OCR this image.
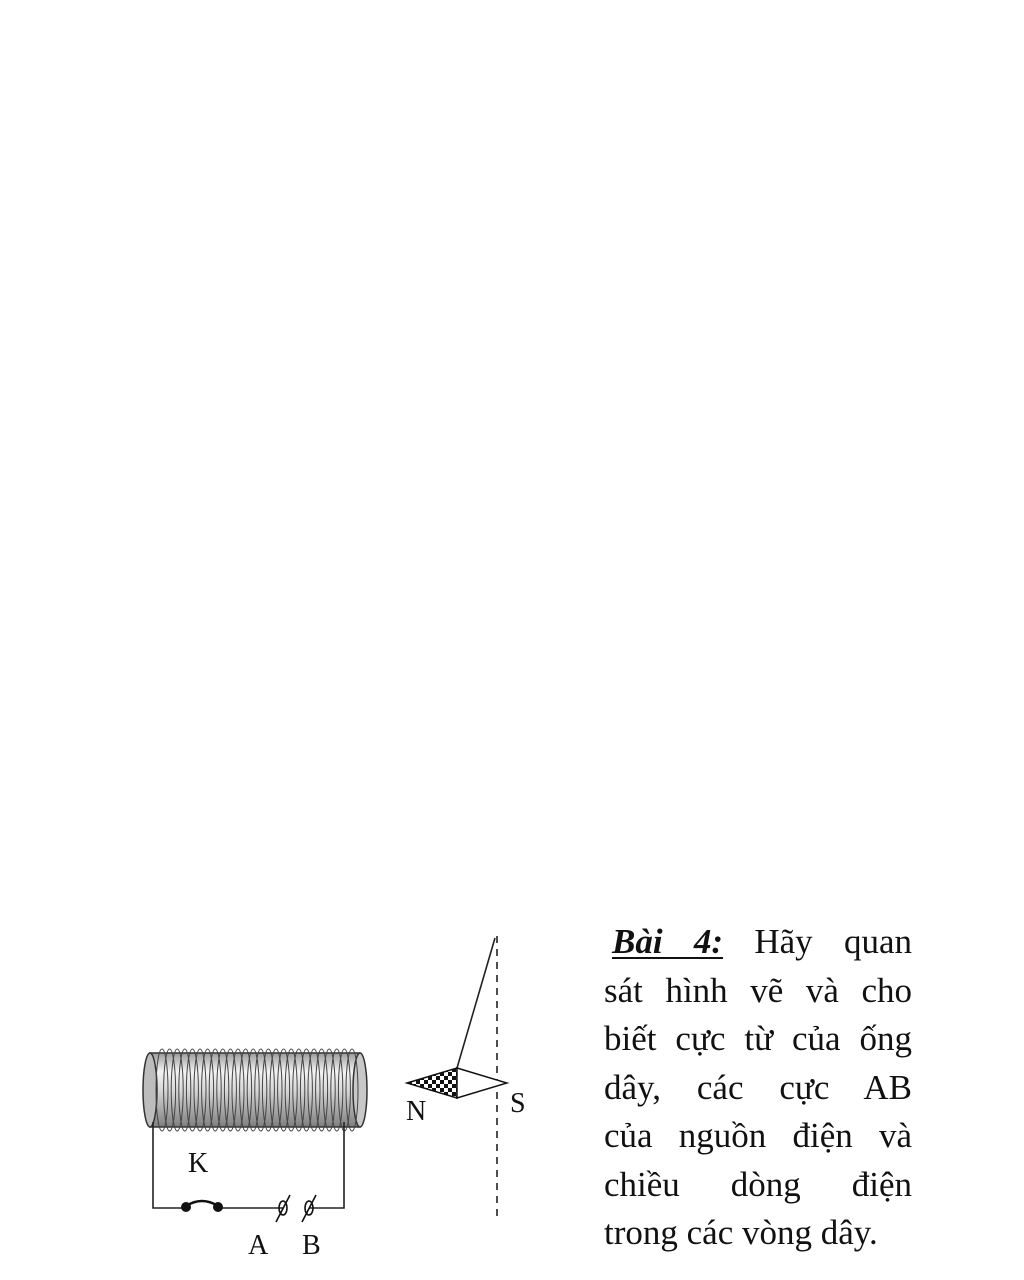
K
A B
N	S
Bài 4: Hãy quan
sát hình vẽ và cho
biết cực từ của ống
dây, các cực AB
của nguồn điện và
chiều dòng điện
trong các vòng dây.
